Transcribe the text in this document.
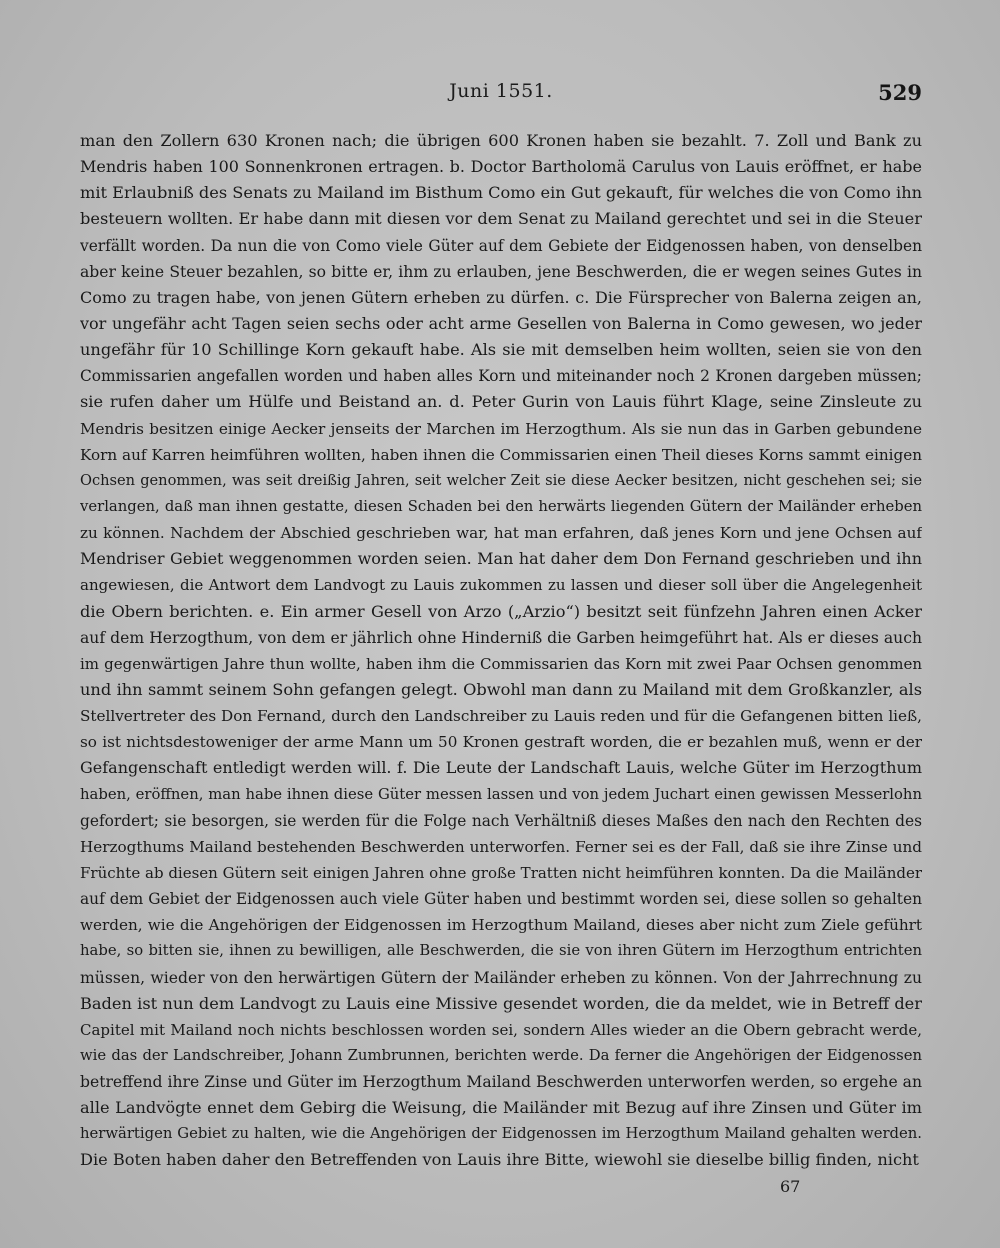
Juni 1551.	529
man den Zollern 630 Kronen nach; die übrigen 600 Kronen haben sie bezahlt. 7. Zoll und Bank zu
Mendris haben 100 Sonnenkronen ertragen. b. Doctor Bartholomä Carulus von Lauis eröffnet, er habe
mit Erlaubniß des Senats zu Mailand im Bisthum Como ein Gut gekauft, für welches die von Como ihn
besteuern wollten. Er habe dann mit diesen vor dem Senat zu Mailand gerechtet und sei in die Steuer
verfällt worden. Da nun die von Como viele Güter auf dem Gebiete der Eidgenossen haben, von denselben
aber keine Steuer bezahlen, so bitte er, ihm zu erlauben, jene Beschwerden, die er wegen seines Gutes in
Como zu tragen habe, von jenen Gütern erheben zu dürfen. c. Die Fürsprecher von Balerna zeigen an,
vor ungefähr acht Tagen seien sechs oder acht arme Gesellen von Balerna in Como gewesen, wo jeder
ungefähr für 10 Schillinge Korn gekauft habe. Als sie mit demselben heim wollten, seien sie von den
Commissarien angefallen worden und haben alles Korn und miteinander noch 2 Kronen dargeben müssen;
sie rufen daher um Hülfe und Beistand an. d. Peter Gurin von Lauis führt Klage, seine Zinsleute zu
Mendris besitzen einige Aecker jenseits der Marchen im Herzogthum. Als sie nun das in Garben gebundene
Korn auf Karren heimführen wollten, haben ihnen die Commissarien einen Theil dieses Korns sammt einigen
Ochsen genommen, was seit dreißig Jahren, seit welcher Zeit sie diese Aecker besitzen, nicht geschehen sei; sie
verlangen, daß man ihnen gestatte, diesen Schaden bei den herwärts liegenden Gütern der Mailänder erheben
zu können. Nachdem der Abschied geschrieben war, hat man erfahren, daß jenes Korn und jene Ochsen auf
Mendriser Gebiet weggenommen worden seien. Man hat daher dem Don Fernand geschrieben und ihn
angewiesen, die Antwort dem Landvogt zu Lauis zukommen zu lassen und dieser soll über die Angelegenheit
die Obern berichten. e. Ein armer Gesell von Arzo („Arzio“) besitzt seit fünfzehn Jahren einen Acker
auf dem Herzogthum, von dem er jährlich ohne Hinderniß die Garben heimgeführt hat. Als er dieses auch
im gegenwärtigen Jahre thun wollte, haben ihm die Commissarien das Korn mit zwei Paar Ochsen genommen
und ihn sammt seinem Sohn gefangen gelegt. Obwohl man dann zu Mailand mit dem Großkanzler, als
Stellvertreter des Don Fernand, durch den Landschreiber zu Lauis reden und für die Gefangenen bitten ließ,
so ist nichtsdestoweniger der arme Mann um 50 Kronen gestraft worden, die er bezahlen muß, wenn er der
Gefangenschaft entledigt werden will. f. Die Leute der Landschaft Lauis, welche Güter im Herzogthum
haben, eröffnen, man habe ihnen diese Güter messen lassen und von jedem Juchart einen gewissen Messerlohn
gefordert; sie besorgen, sie werden für die Folge nach Verhältniß dieses Maßes den nach den Rechten des
Herzogthums Mailand bestehenden Beschwerden unterworfen. Ferner sei es der Fall, daß sie ihre Zinse und
Früchte ab diesen Gütern seit einigen Jahren ohne große Tratten nicht heimführen konnten. Da die Mailänder
auf dem Gebiet der Eidgenossen auch viele Güter haben und bestimmt worden sei, diese sollen so gehalten
werden, wie die Angehörigen der Eidgenossen im Herzogthum Mailand, dieses aber nicht zum Ziele geführt
habe, so bitten sie, ihnen zu bewilligen, alle Beschwerden, die sie von ihren Gütern im Herzogthum entrichten
müssen, wieder von den herwärtigen Gütern der Mailänder erheben zu können. Von der Jahrrechnung zu
Baden ist nun dem Landvogt zu Lauis eine Missive gesendet worden, die da meldet, wie in Betreff der
Capitel mit Mailand noch nichts beschlossen worden sei, sondern Alles wieder an die Obern gebracht werde,
wie das der Landschreiber, Johann Zumbrunnen, berichten werde. Da ferner die Angehörigen der Eidgenossen
betreffend ihre Zinse und Güter im Herzogthum Mailand Beschwerden unterworfen werden, so ergehe an
alle Landvögte ennet dem Gebirg die Weisung, die Mailänder mit Bezug auf ihre Zinsen und Güter im
herwärtigen Gebiet zu halten, wie die Angehörigen der Eidgenossen im Herzogthum Mailand gehalten werden.
Die Boten haben daher den Betreffenden von Lauis ihre Bitte, wiewohl sie dieselbe billig finden, nicht
67
